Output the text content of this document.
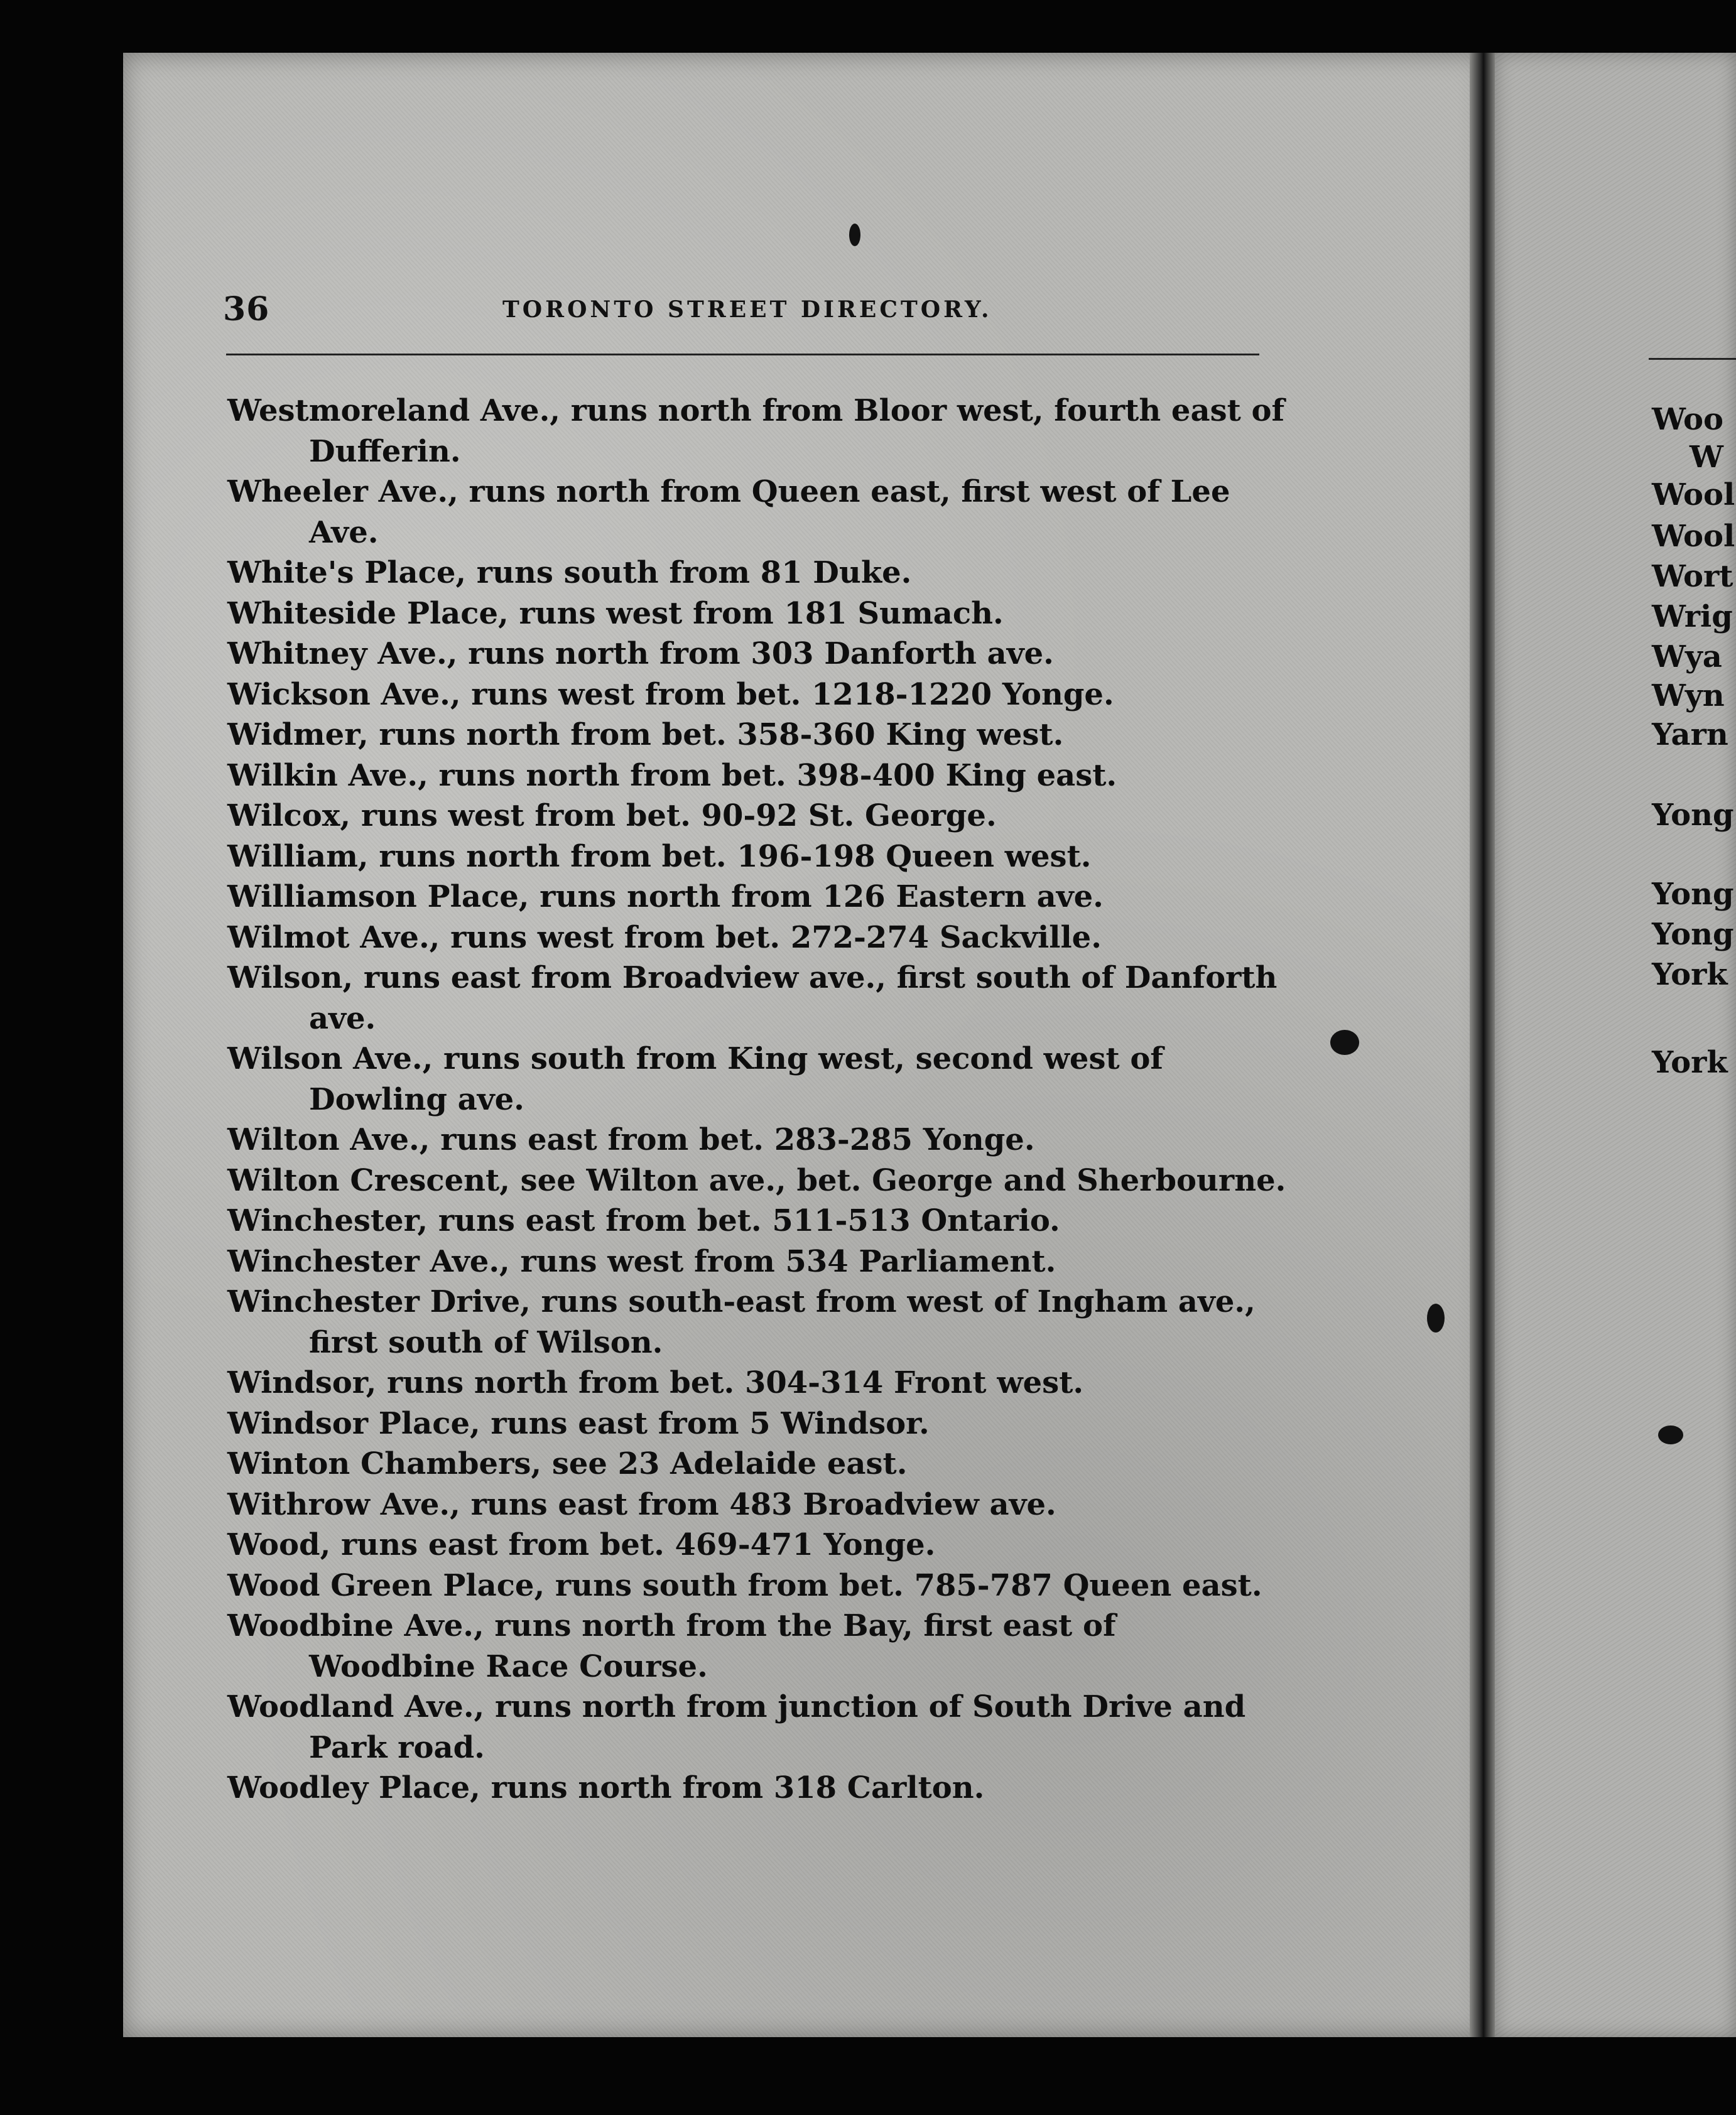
36	TORONTO STREET DIRECTORY.
Westmoreland Ave., runs north from Bloor west, fourth east of Dufferin.
Wheeler Ave., runs north from Queen east, first west of Lee Ave.
White's Place, runs south from 81 Duke.
Whiteside Place, runs west from 181 Sumach.
Whitney Ave., runs north from 303 Danforth ave.
Wickson Ave., runs west from bet. 1218-1220 Yonge.
Widmer, runs north from bet. 358-360 King west.
Wilkin Ave., runs north from bet. 398-400 King east.
Wilcox, runs west from bet. 90-92 St. George.
William, runs north from bet. 196-198 Queen west.
Williamson Place, runs north from 126 Eastern ave.
Wilmot Ave., runs west from bet. 272-274 Sackville.
Wilson, runs east from Broadview ave., first south of Danforth ave.
Wilson Ave., runs south from King west, second west of Dowling ave.
Wilton Ave., runs east from bet. 283-285 Yonge.
Wilton Crescent, see Wilton ave., bet. George and Sherbourne.
Winchester, runs east from bet. 511-513 Ontario.
Winchester Ave., runs west from 534 Parliament.
Winchester Drive, runs south-east from west of Ingham ave., first south of Wilson.
Windsor, runs north from bet. 304-314 Front west.
Windsor Place, runs east from 5 Windsor.
Winton Chambers, see 23 Adelaide east.
Withrow Ave., runs east from 483 Broadview ave.
Wood, runs east from bet. 469-471 Yonge.
Wood Green Place, runs south from bet. 785-787 Queen east.
Woodbine Ave., runs north from the Bay, first east of Woodbine Race Course.
Woodland Ave., runs north from junction of South Drive and Park road.
Woodley Place, runs north from 318 Carlton.
Woo
W
Wool
Wool
Wort
Wrig
Wya
Wyn
Yarn
Yong
Yong
Yong
York
York
